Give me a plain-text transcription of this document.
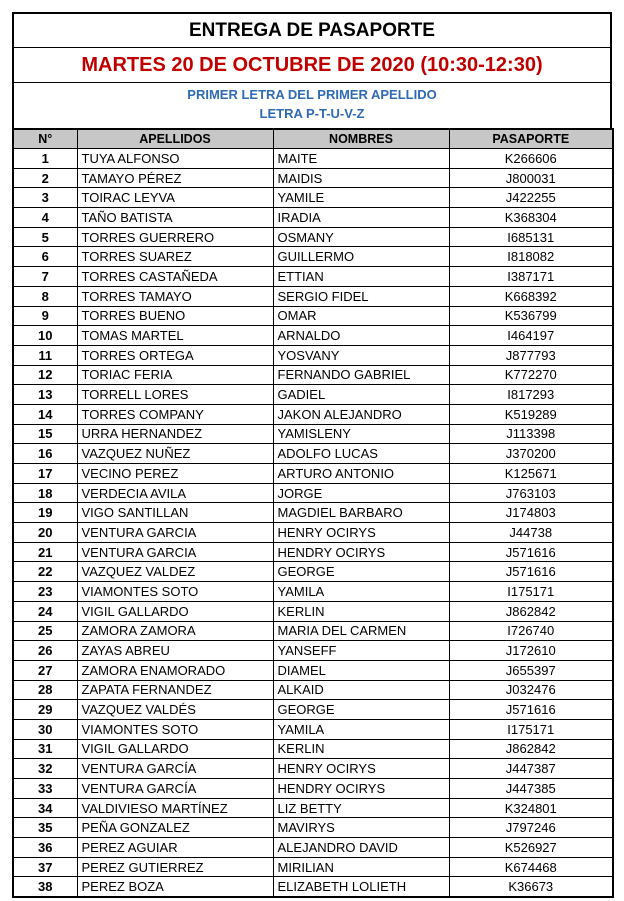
ENTREGA DE PASAPORTE
MARTES 20 DE OCTUBRE DE 2020 (10:30-12:30)
PRIMER LETRA DEL PRIMER APELLIDO
LETRA P-T-U-V-Z
N°	APELLIDOS	NOMBRES	PASAPORTE
1	TUYA ALFONSO	MAITE	K266606
2	TAMAYO PÉREZ	MAIDIS	J800031
3	TOIRAC LEYVA	YAMILE	J422255
4	TAÑO BATISTA	IRADIA	K368304
5	TORRES GUERRERO	OSMANY	I685131
6	TORRES SUAREZ	GUILLERMO	I818082
7	TORRES CASTAÑEDA	ETTIAN	I387171
8	TORRES TAMAYO	SERGIO FIDEL	K668392
9	TORRES BUENO	OMAR	K536799
10	TOMAS MARTEL	ARNALDO	I464197
11	TORRES ORTEGA	YOSVANY	J877793
12	TORIAC FERIA	FERNANDO GABRIEL	K772270
13	TORRELL LORES	GADIEL	I817293
14	TORRES COMPANY	JAKON ALEJANDRO	K519289
15	URRA HERNANDEZ	YAMISLENY	J113398
16	VAZQUEZ NUÑEZ	ADOLFO LUCAS	J370200
17	VECINO PEREZ	ARTURO ANTONIO	K125671
18	VERDECIA AVILA	JORGE	J763103
19	VIGO SANTILLAN	MAGDIEL BARBARO	J174803
20	VENTURA GARCIA	HENRY OCIRYS	J44738
21	VENTURA GARCIA	HENDRY OCIRYS	J571616
22	VAZQUEZ VALDEZ	GEORGE	J571616
23	VIAMONTES SOTO	YAMILA	I175171
24	VIGIL GALLARDO	KERLIN	J862842
25	ZAMORA ZAMORA	MARIA DEL CARMEN	I726740
26	ZAYAS ABREU	YANSEFF	J172610
27	ZAMORA ENAMORADO	DIAMEL	J655397
28	ZAPATA FERNANDEZ	ALKAID	J032476
29	VAZQUEZ VALDÉS	GEORGE	J571616
30	VIAMONTES SOTO	YAMILA	I175171
31	VIGIL GALLARDO	KERLIN	J862842
32	VENTURA GARCÍA	HENRY OCIRYS	J447387
33	VENTURA GARCÍA	HENDRY OCIRYS	J447385
34	VALDIVIESO MARTÍNEZ	LIZ BETTY	K324801
35	PEÑA GONZALEZ	MAVIRYS	J797246
36	PEREZ AGUIAR	ALEJANDRO DAVID	K526927
37	PEREZ GUTIERREZ	MIRILIAN	K674468
38	PEREZ BOZA	ELIZABETH LOLIETH	K36673
